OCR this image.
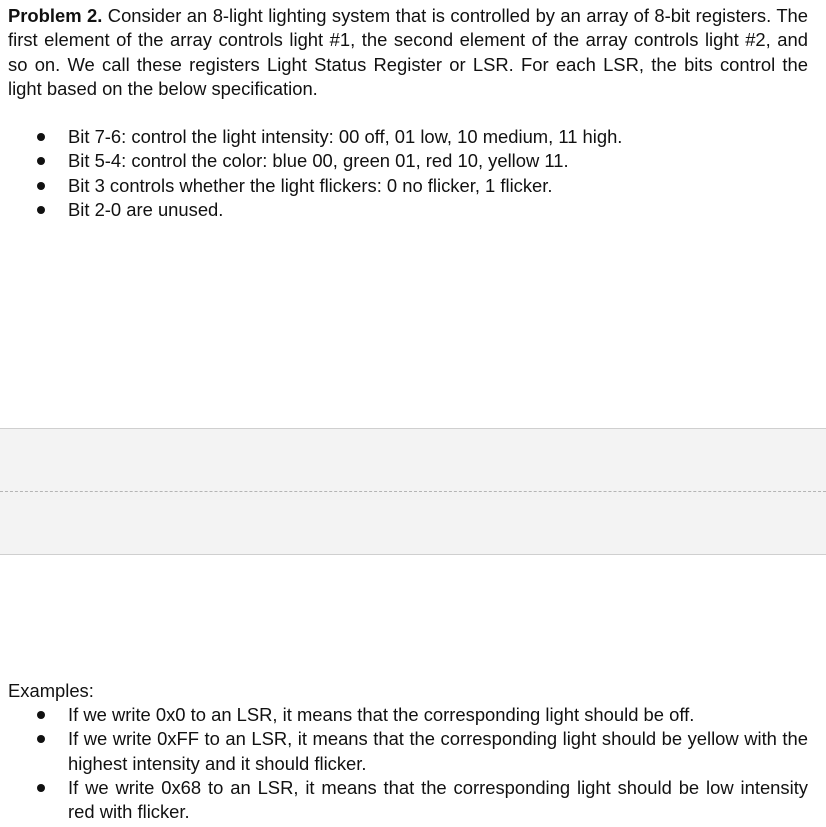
Problem 2. Consider an 8-light lighting system that is controlled by an array of 8-bit registers. The first element of the array controls light #1, the second element of the array controls light #2, and so on. We call these registers Light Status Register or LSR. For each LSR, the bits control the light based on the below specification.

Bit 7-6: control the light intensity: 00 off, 01 low, 10 medium, 11 high.
Bit 5-4: control the color: blue 00, green 01, red 10, yellow 11.
Bit 3 controls whether the light flickers: 0 no flicker, 1 flicker.
Bit 2-0 are unused.

Examples:

If we write 0x0 to an LSR, it means that the corresponding light should be off.
If we write 0xFF to an LSR, it means that the corresponding light should be yellow with the highest intensity and it should flicker.
If we write 0x68 to an LSR, it means that the corresponding light should be low intensity red with flicker.
